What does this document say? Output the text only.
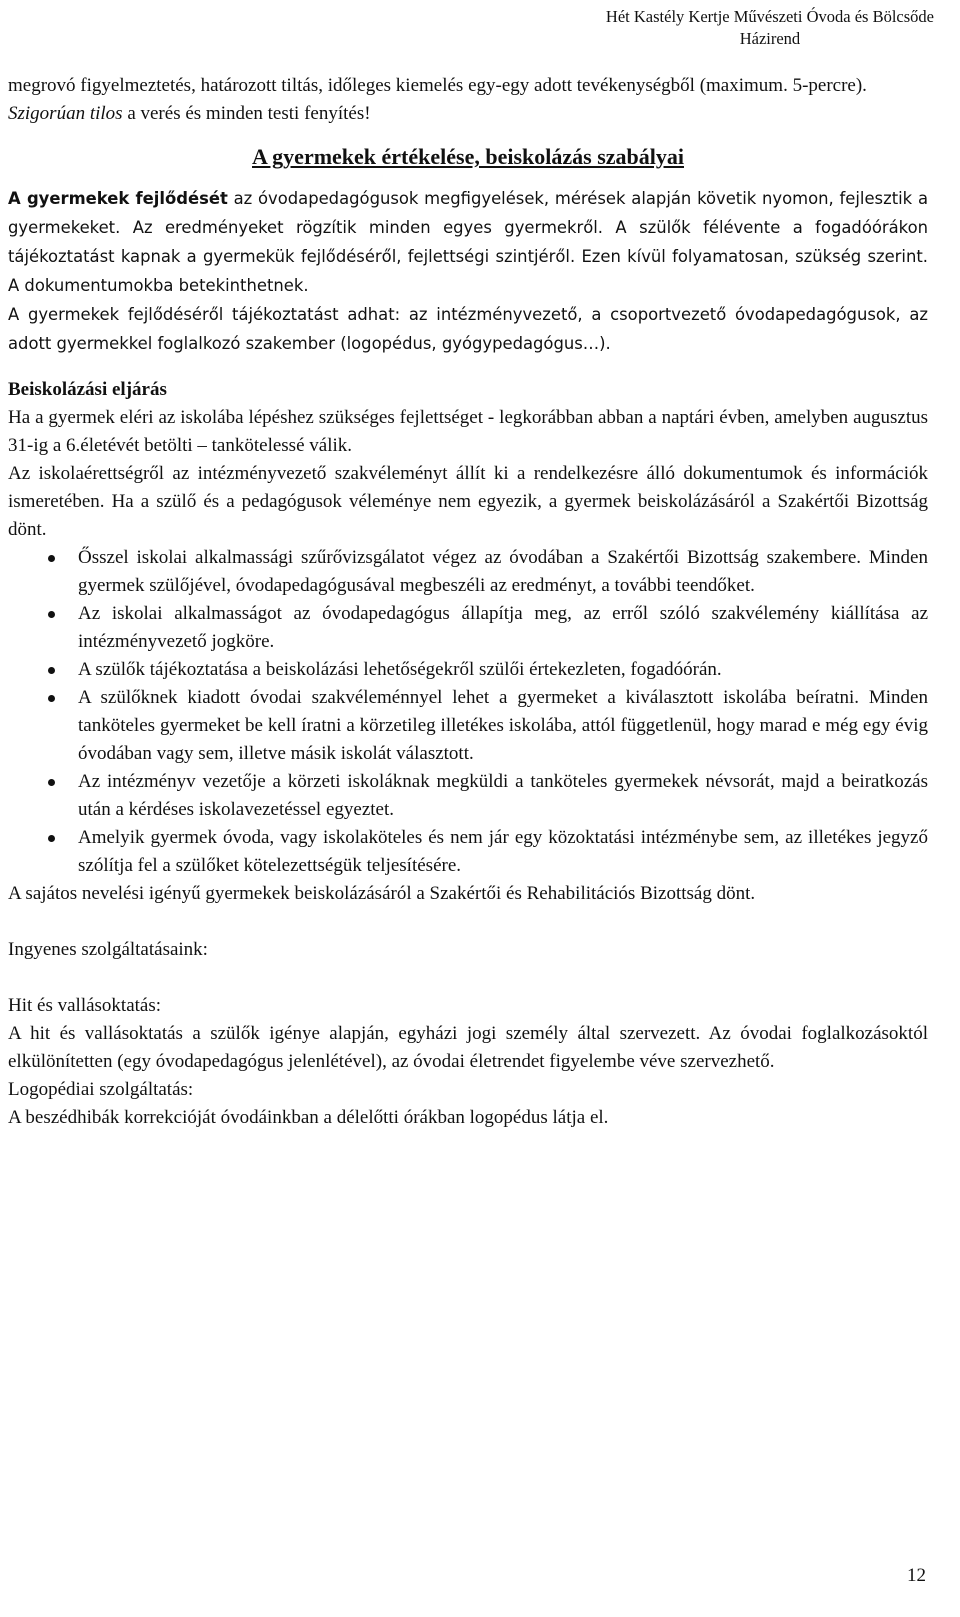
Hét Kastély Kertje Művészeti Óvoda és Bölcsőde
Házirend

megrovó figyelmeztetés, határozott tiltás, időleges kiemelés egy-egy adott tevékenységből (maximum. 5-percre).

Szigorúan tilos a verés és minden testi fenyítés!

A gyermekek értékelése, beiskolázás szabályai

A gyermekek fejlődését az óvodapedagógusok megfigyelések, mérések alapján követik nyomon, fejlesztik a gyermekeket. Az eredményeket rögzítik minden egyes gyermekről. A szülők félévente a fogadóórákon tájékoztatást kapnak a gyermekük fejlődéséről, fejlettségi szintjéről. Ezen kívül folyamatosan, szükség szerint. A dokumentumokba betekinthetnek.

A gyermekek fejlődéséről tájékoztatást adhat: az intézményvezető, a csoportvezető óvodapedagógusok, az adott gyermekkel foglalkozó szakember (logopédus, gyógypedagógus…).

Beiskolázási eljárás

Ha a gyermek eléri az iskolába lépéshez szükséges fejlettséget - legkorábban abban a naptári évben, amelyben augusztus 31-ig a 6.életévét betölti – tankötelessé válik.

Az iskolaérettségről az intézményvezető szakvéleményt állít ki a rendelkezésre álló dokumentumok és információk ismeretében. Ha a szülő és a pedagógusok véleménye nem egyezik, a gyermek beiskolázásáról a Szakértői Bizottság dönt.

Ősszel iskolai alkalmassági szűrővizsgálatot végez az óvodában a Szakértői Bizottság szakembere. Minden gyermek szülőjével, óvodapedagógusával megbeszéli az eredményt, a további teendőket.
Az iskolai alkalmasságot az óvodapedagógus állapítja meg, az erről szóló szakvélemény kiállítása az intézményvezető jogköre.
A szülők tájékoztatása a beiskolázási lehetőségekről szülői értekezleten, fogadóórán.
A szülőknek kiadott óvodai szakvéleménnyel lehet a gyermeket a kiválasztott iskolába beíratni. Minden tanköteles gyermeket be kell íratni a körzetileg illetékes iskolába, attól függetlenül, hogy marad e még egy évig óvodában vagy sem, illetve másik iskolát választott.
Az intézményv vezetője a körzeti iskoláknak megküldi a tanköteles gyermekek névsorát, majd a beiratkozás után a kérdéses iskolavezetéssel egyeztet.
Amelyik gyermek óvoda, vagy iskolaköteles és nem jár egy közoktatási intézménybe sem, az illetékes jegyző szólítja fel a szülőket kötelezettségük teljesítésére.

A sajátos nevelési igényű gyermekek beiskolázásáról a Szakértői és Rehabilitációs Bizottság dönt.

Ingyenes szolgáltatásaink:

Hit és vallásoktatás:

A hit és vallásoktatás a szülők igénye alapján, egyházi jogi személy által szervezett. Az óvodai foglalkozásoktól elkülönítetten (egy óvodapedagógus jelenlétével), az óvodai életrendet figyelembe véve szervezhető.

Logopédiai szolgáltatás:

A beszédhibák korrekcióját óvodáinkban a délelőtti órákban logopédus látja el.

12
